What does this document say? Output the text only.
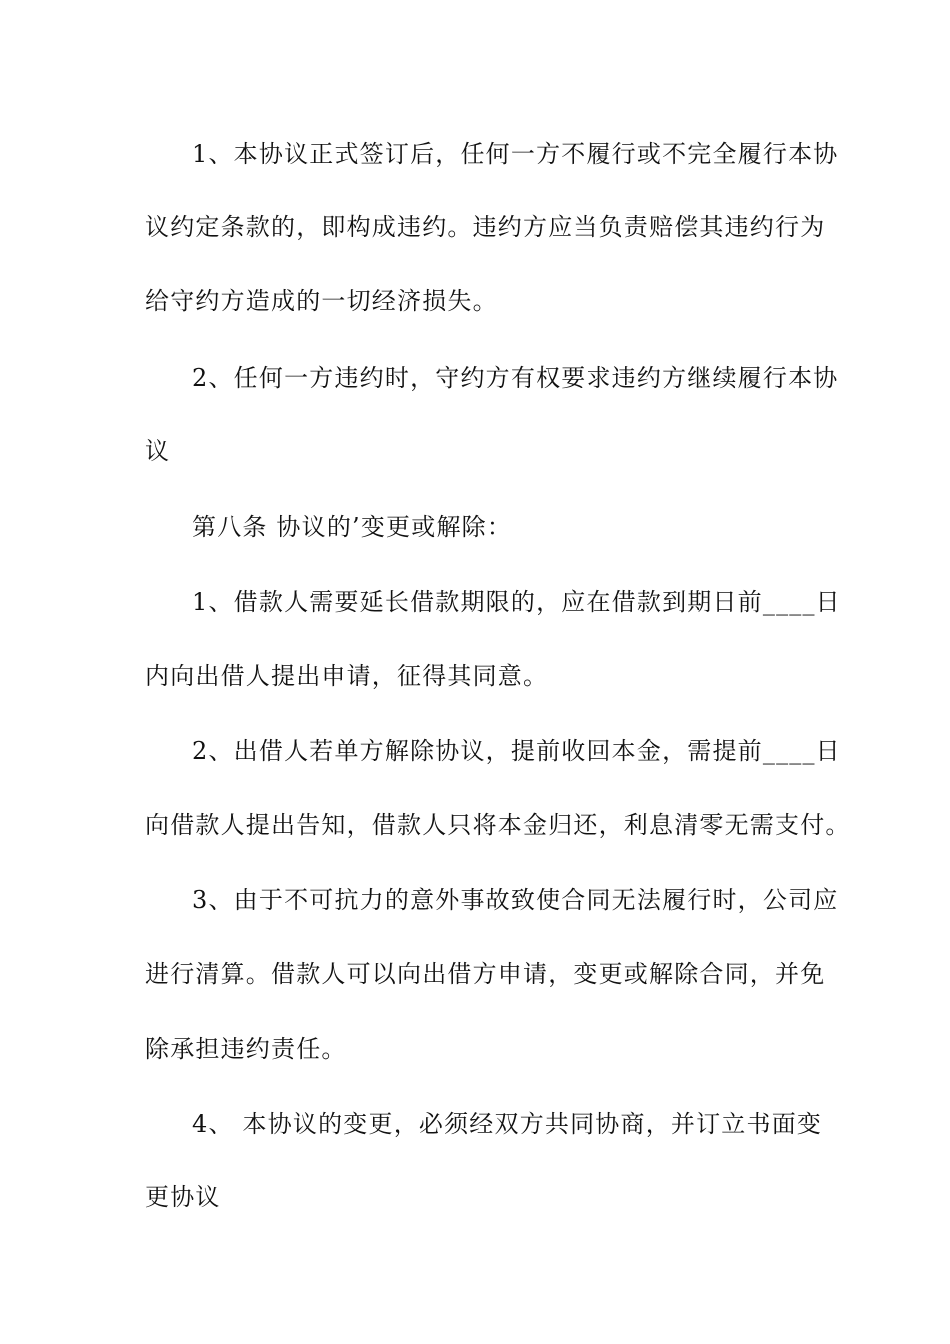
1、本协议正式签订后，任何一方不履行或不完全履行本协
议约定条款的，即构成违约。违约方应当负责赔偿其违约行为
给守约方造成的一切经济损失。
2、任何一方违约时，守约方有权要求违约方继续履行本协
议
第八条 协议的’变更或解除：
1、借款人需要延长借款期限的，应在借款到期日前____日
内向出借人提出申请，征得其同意。
2、出借人若单方解除协议，提前收回本金，需提前____日
向借款人提出告知，借款人只将本金归还，利息清零无需支付。
3、由于不可抗力的意外事故致使合同无法履行时，公司应
进行清算。借款人可以向出借方申请，变更或解除合同，并免
除承担违约责任。
4、 本协议的变更，必须经双方共同协商，并订立书面变
更协议
